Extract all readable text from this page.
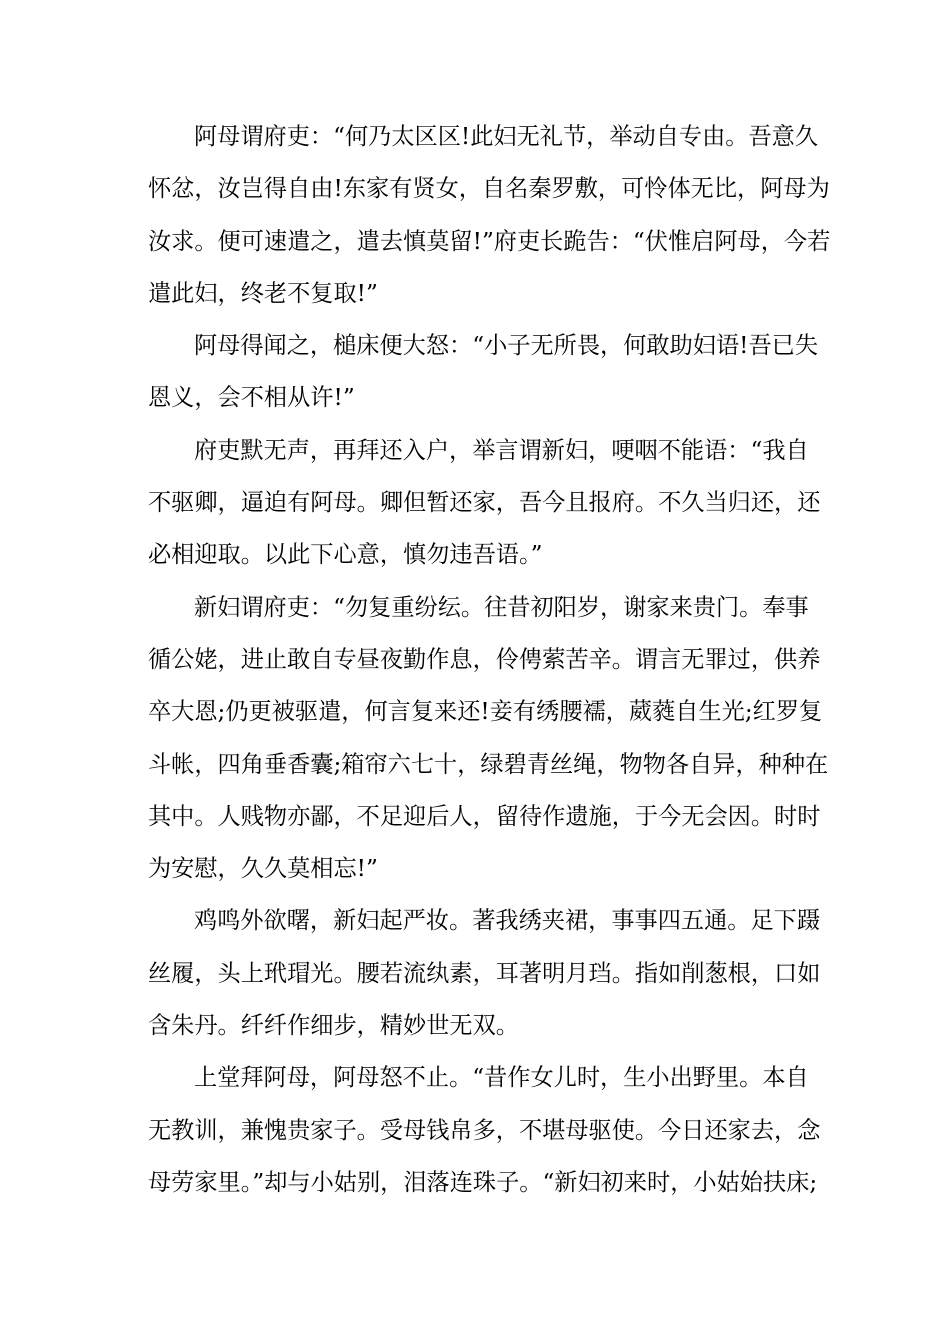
阿母谓府吏：“何乃太区区!此妇无礼节，举动自专由。吾意久
怀忿，汝岂得自由!东家有贤女，自名秦罗敷，可怜体无比，阿母为
汝求。便可速遣之，遣去慎莫留!”府吏长跪告：“伏惟启阿母，今若
遣此妇，终老不复取!”
阿母得闻之，槌床便大怒：“小子无所畏，何敢助妇语!吾已失
恩义，会不相从许!”
府吏默无声，再拜还入户，举言谓新妇，哽咽不能语：“我自
不驱卿，逼迫有阿母。卿但暂还家，吾今且报府。不久当归还，还
必相迎取。以此下心意，慎勿违吾语。”
新妇谓府吏：“勿复重纷纭。往昔初阳岁，谢家来贵门。奉事
循公姥，进止敢自专昼夜勤作息，伶俜萦苦辛。谓言无罪过，供养
卒大恩;仍更被驱遣，何言复来还!妾有绣腰襦，葳蕤自生光;红罗复
斗帐，四角垂香囊;箱帘六七十，绿碧青丝绳，物物各自异，种种在
其中。人贱物亦鄙，不足迎后人，留待作遗施，于今无会因。时时
为安慰，久久莫相忘!”
鸡鸣外欲曙，新妇起严妆。著我绣夹裙，事事四五通。足下蹑
丝履，头上玳瑁光。腰若流纨素，耳著明月珰。指如削葱根，口如
含朱丹。纤纤作细步，精妙世无双。
上堂拜阿母，阿母怒不止。“昔作女儿时，生小出野里。本自
无教训，兼愧贵家子。受母钱帛多，不堪母驱使。今日还家去，念
母劳家里。”却与小姑别，泪落连珠子。“新妇初来时，小姑始扶床;
